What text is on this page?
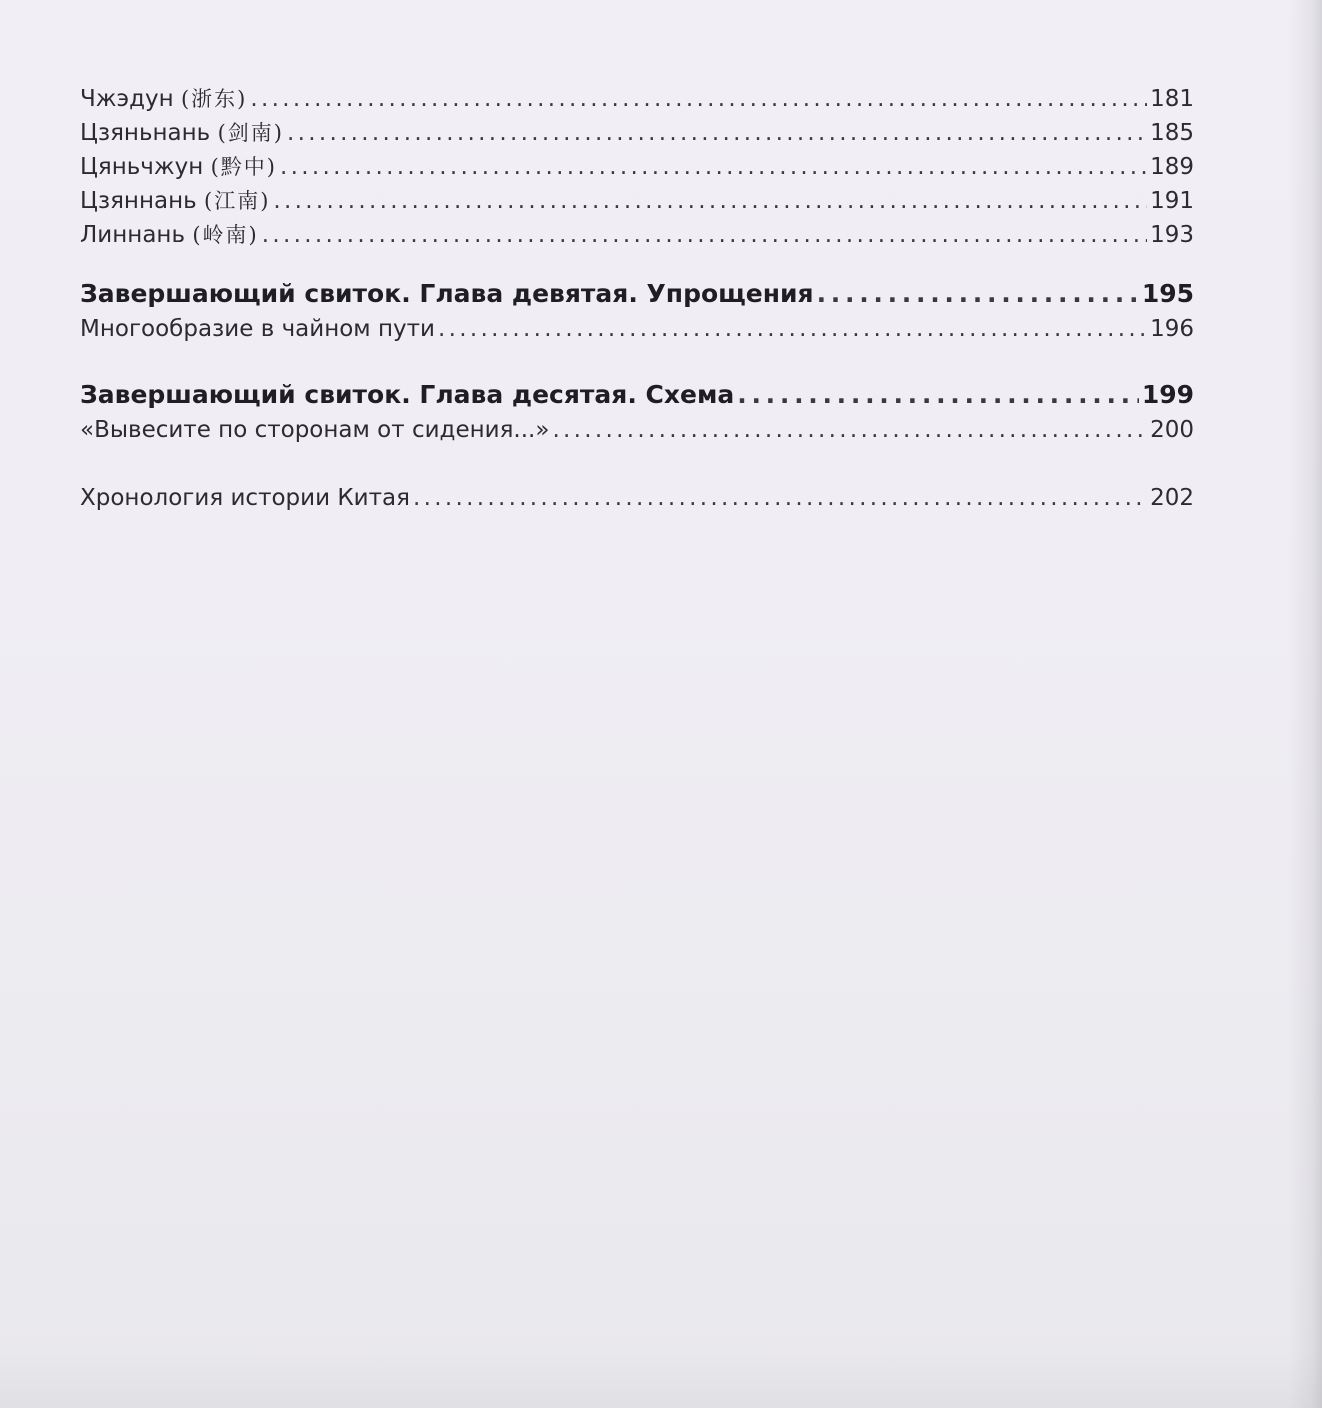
Чжэдун (浙东) . . .	181
Цзяньнань (剑南) . . .	185
Цяньчжун (黔中) . . .	189
Цзяннань (江南) . . .	191
Линнань (岭南) . . .	193
Завершающий свиток. Глава девятая. Упрощения . . .	195
Многообразие в чайном пути . . .	196
Завершающий свиток. Глава десятая. Схема . . .	199
«Вывесите по сторонам от сидения...» . . .	200
Хронология истории Китая . . .	202
